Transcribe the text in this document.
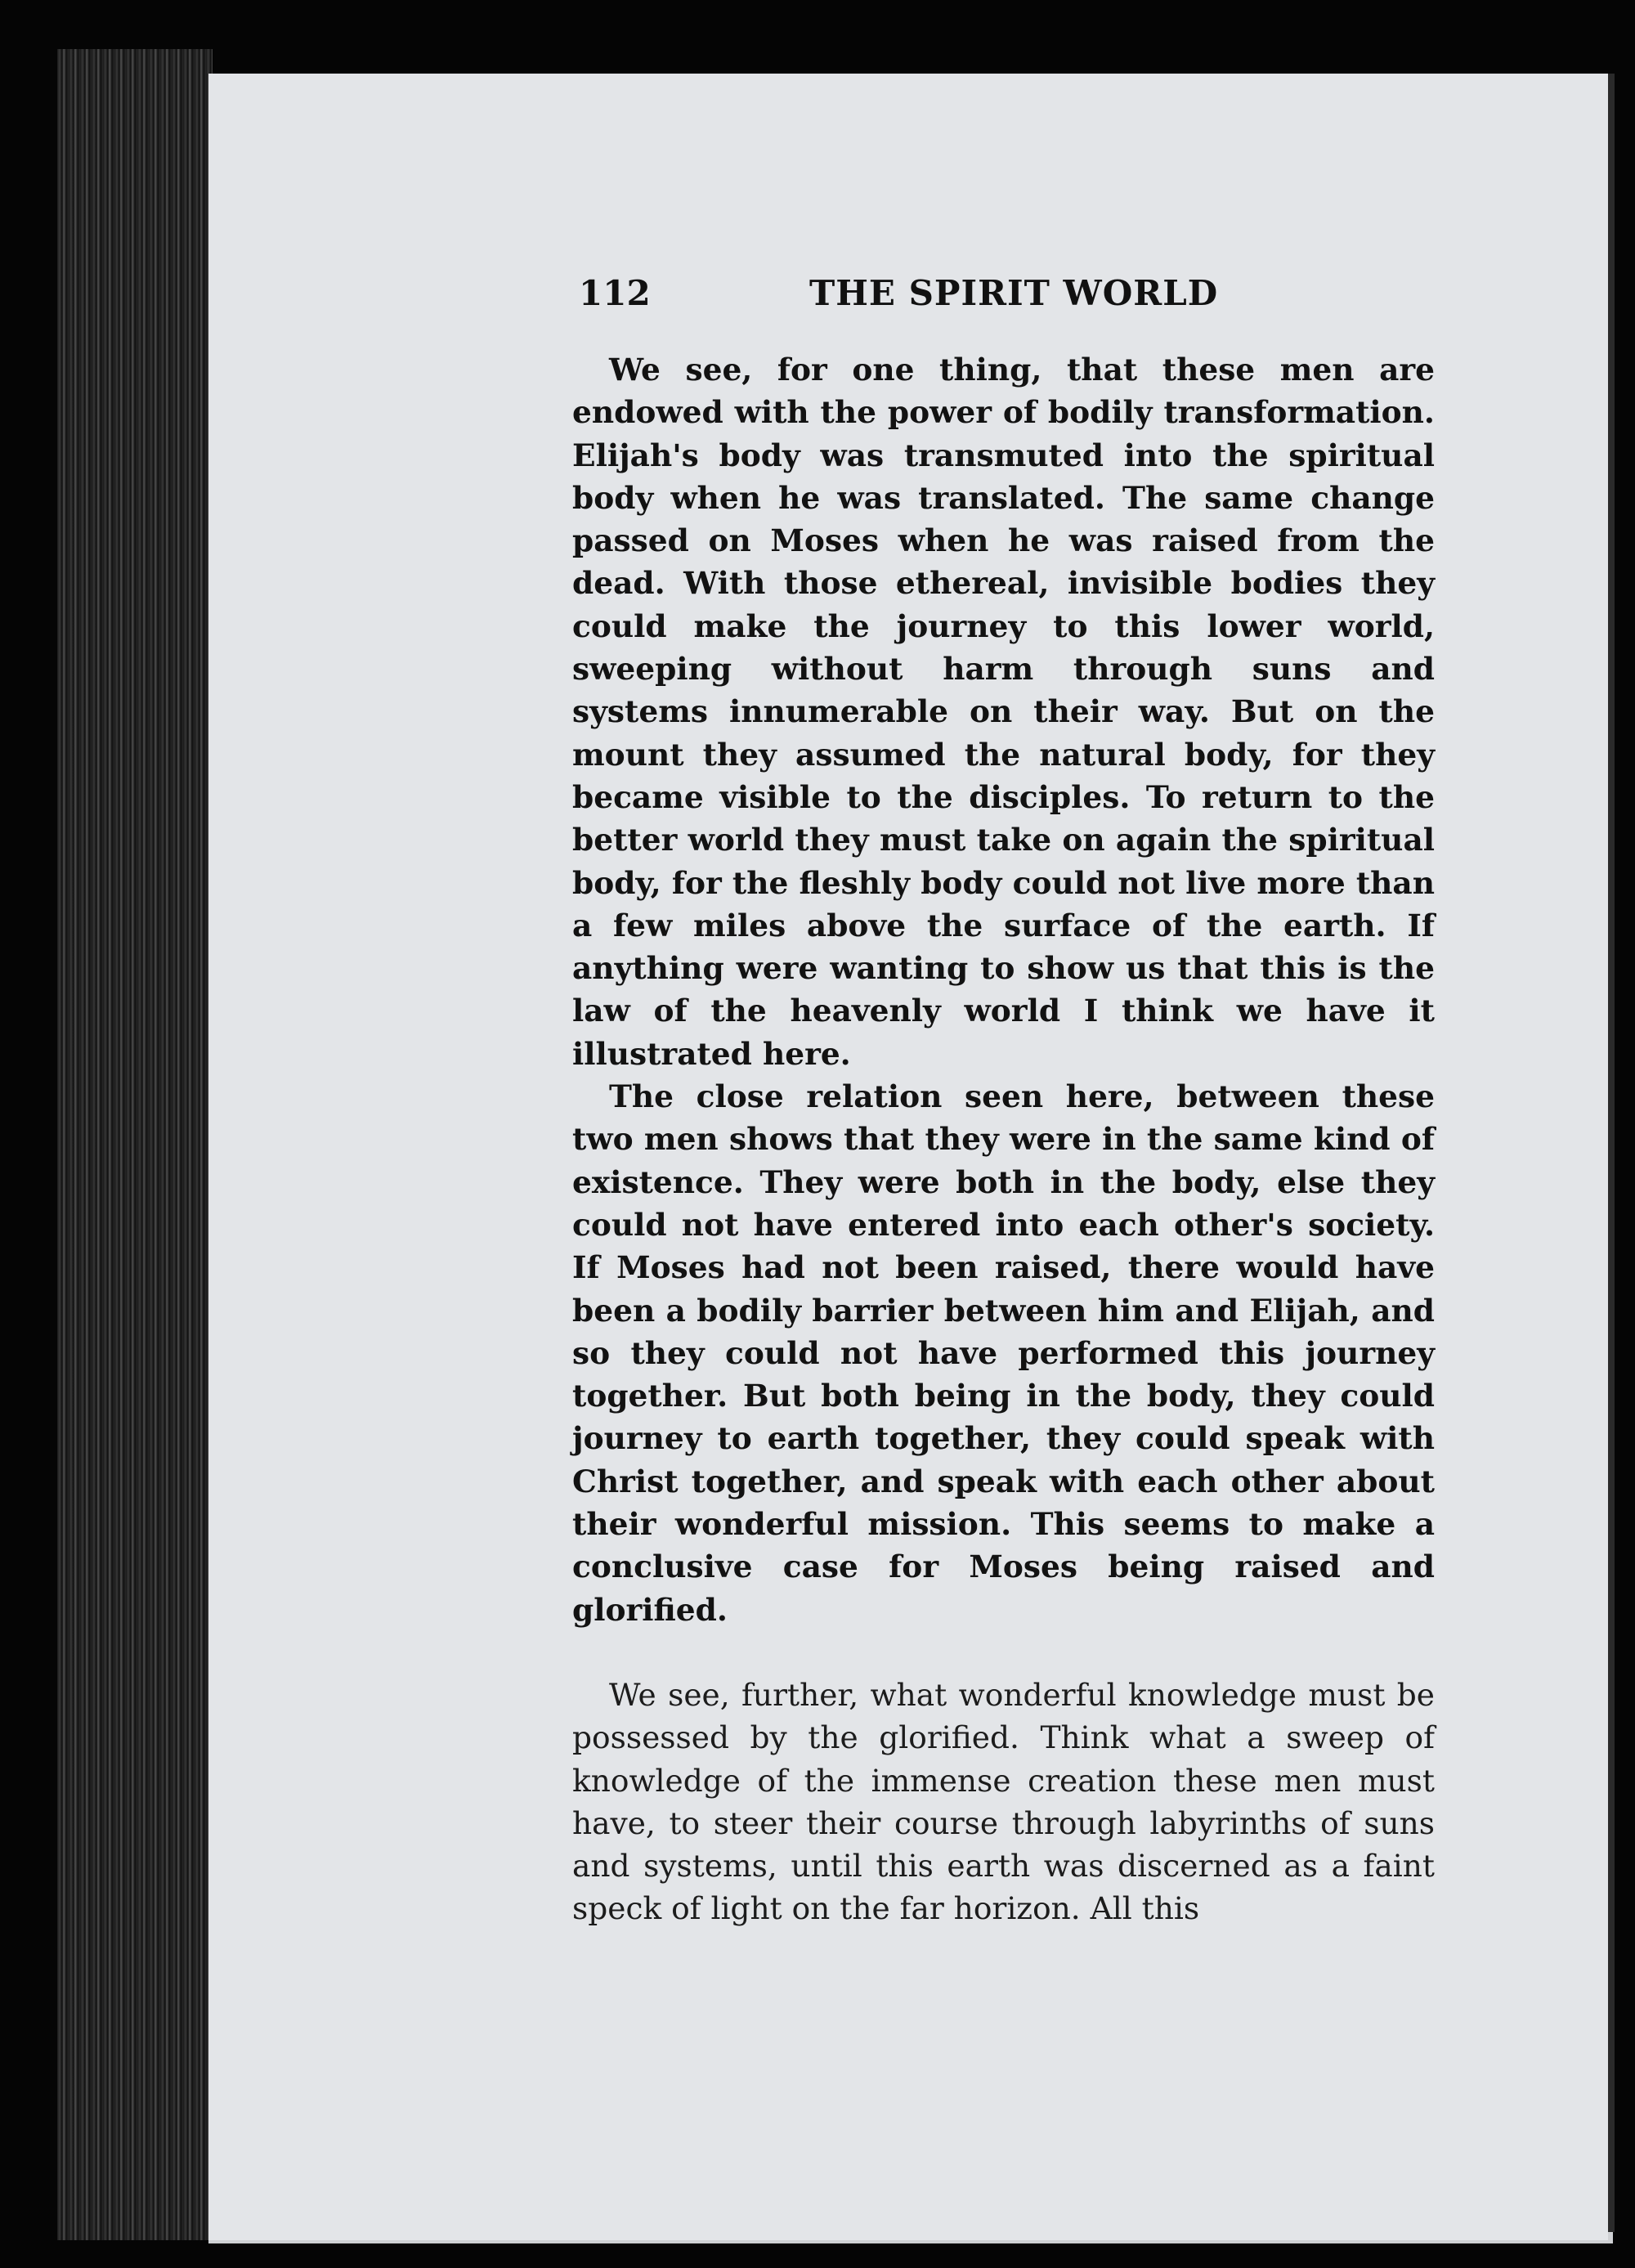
112	THE SPIRIT WORLD

We see, for one thing, that these men are endowed with the power of bodily transformation. Elijah's body was transmuted into the spiritual body when he was translated. The same change passed on Moses when he was raised from the dead. With those ethereal, invisible bodies they could make the journey to this lower world, sweeping without harm through suns and systems innumerable on their way. But on the mount they assumed the natural body, for they became visible to the disciples. To return to the better world they must take on again the spiritual body, for the fleshly body could not live more than a few miles above the surface of the earth. If anything were wanting to show us that this is the law of the heavenly world I think we have it illustrated here.

The close relation seen here, between these two men shows that they were in the same kind of existence. They were both in the body, else they could not have entered into each other's society. If Moses had not been raised, there would have been a bodily barrier between him and Elijah, and so they could not have performed this journey together. But both being in the body, they could journey to earth together, they could speak with Christ together, and speak with each other about their wonderful mission. This seems to make a conclusive case for Moses being raised and glorified.

We see, further, what wonderful knowledge must be possessed by the glorified. Think what a sweep of knowledge of the immense creation these men must have, to steer their course through labyrinths of suns and systems, until this earth was discerned as a faint speck of light on the far horizon. All this
